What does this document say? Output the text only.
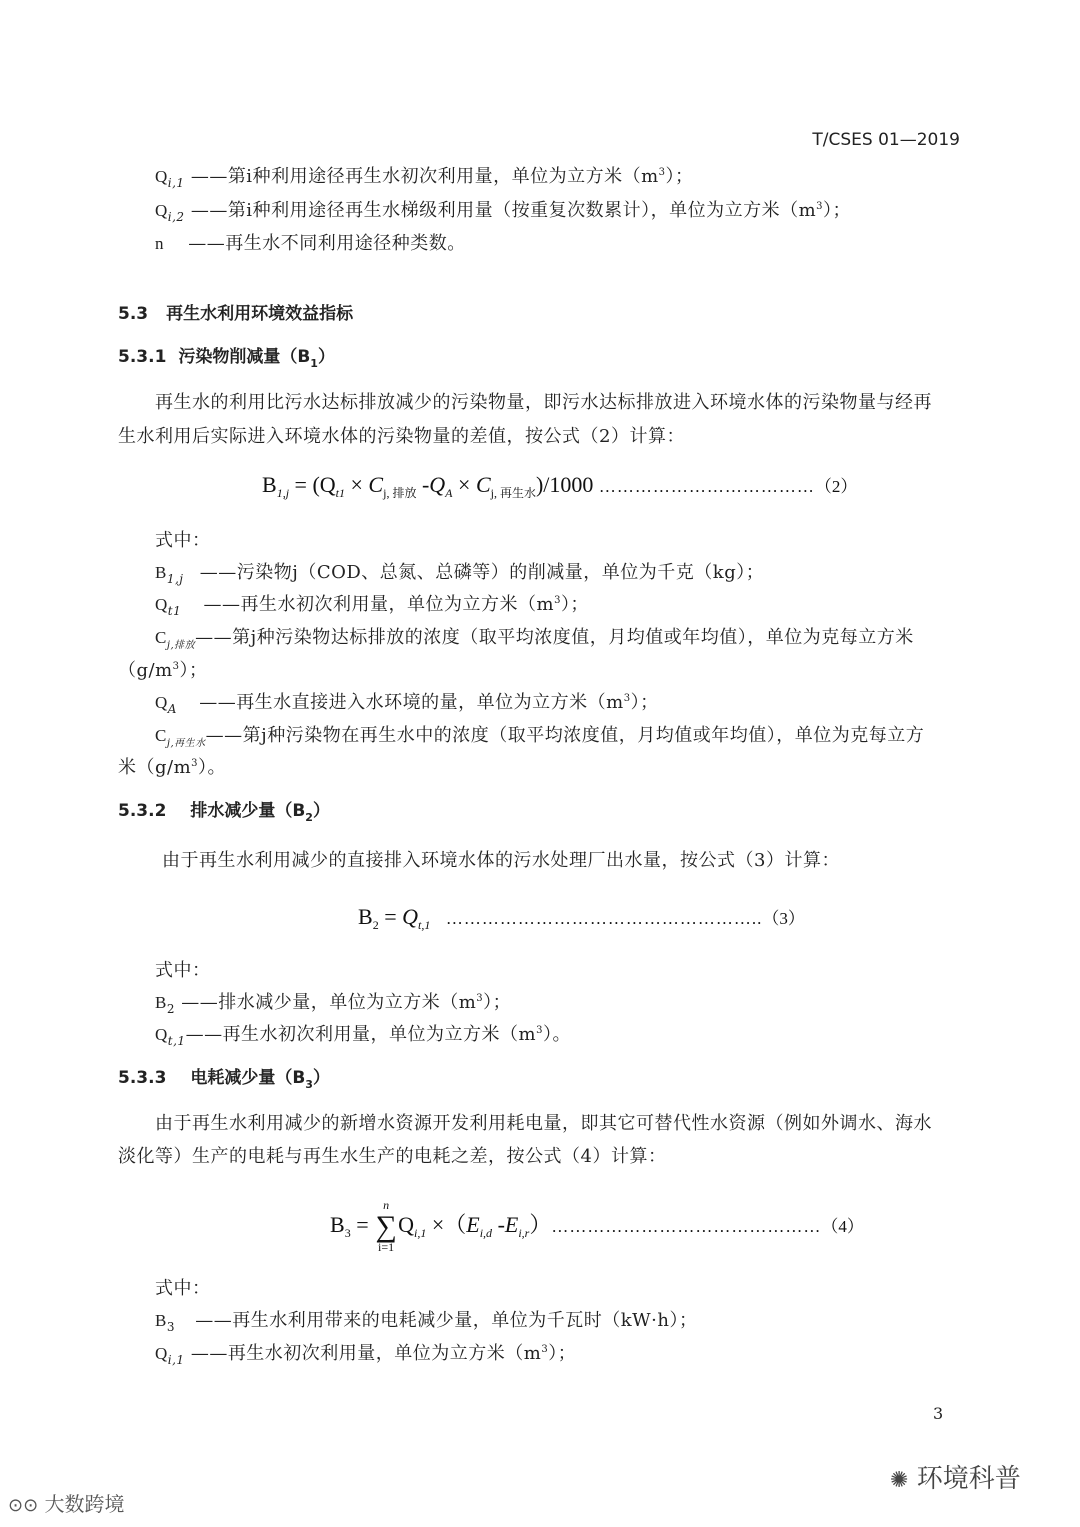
T/CSES 01—2019
$Q_{i,1}$ ——第i种利用途径再生水初次利用量，单位为立方米$(m^3)$；
$Q_{i,2}$ ——第i种利用途径再生水梯级利用量（按重复次数累计），单位为立方米$(m^3)$；
n ——再生水不同利用途径种类数。
5.3 再生水利用环境效益指标
5.3.1 污染物削减量$(B_1)$
再生水的利用比污水达标排放减少的污染物量，即污水达标排放进入环境水体的污染物量与经再
生水利用后实际进入环境水体的污染物量的差值，按公式（2）计算：
$B_{1,j} = (Q_{t1} \times C_{j, 排放}$ $-Q_A \times C_{j, 再生水})/1000$ ………………………………（2）
式中：
$B_{1,j}$ ——污染物j（COD、总氮、总磷等）的削减量，单位为千克（kg）；
$Q_{t1}$ ——再生水初次利用量，单位为立方米$(m^3)$；
$C_{j,排放}——$第j种污染物达标排放的浓度（取平均浓度值，月均值或年均值），单位为克每立方米
$(g/m^3)$；
$Q_A$ ——再生水直接进入水环境的量，单位为立方米$(m^3)$；
$C_{j,再生水}——$第j种污染物在再生水中的浓度（取平均浓度值，月均值或年均值），单位为克每立方
米$(g/m^3)$。
5.3.2 排水减少量$(B_2)$
由于再生水利用减少的直接排入环境水体的污水处理厂出水量，按公式（3）计算：
$B_2 = Q_{t,1}$ ……………………………………………..（3）
式中：
$B_2$ ——排水减少量，单位为立方米$(m^3)$；
$Q_{t,1}——$再生水初次利用量，单位为立方米$(m^3)$。
5.3.3 电耗减少量$(B_3)$
由于再生水利用减少的新增水资源开发利用耗电量，即其它可替代性水资源（例如外调水、海水
淡化等）生产的电耗与再生水生产的电耗之差，按公式（4）计算：
$B_3$ =
n
∑
i=1
$Q_{i,1} \times(E_{i,d}$ $-E_{i,r})\dots\dots\dots\dots\dots\dots\dots\dots\dots\dots\dots\dots\dots\dots\dots(4)$
式中：
$B_3$ ——再生水利用带来的电耗减少量，单位为千瓦时（kW·h）；
$Q_{i,1}$ ——再生水初次利用量，单位为立方米$(m^3)$；
3
⊙⊙ 大数跨境
✺ 环境科普
